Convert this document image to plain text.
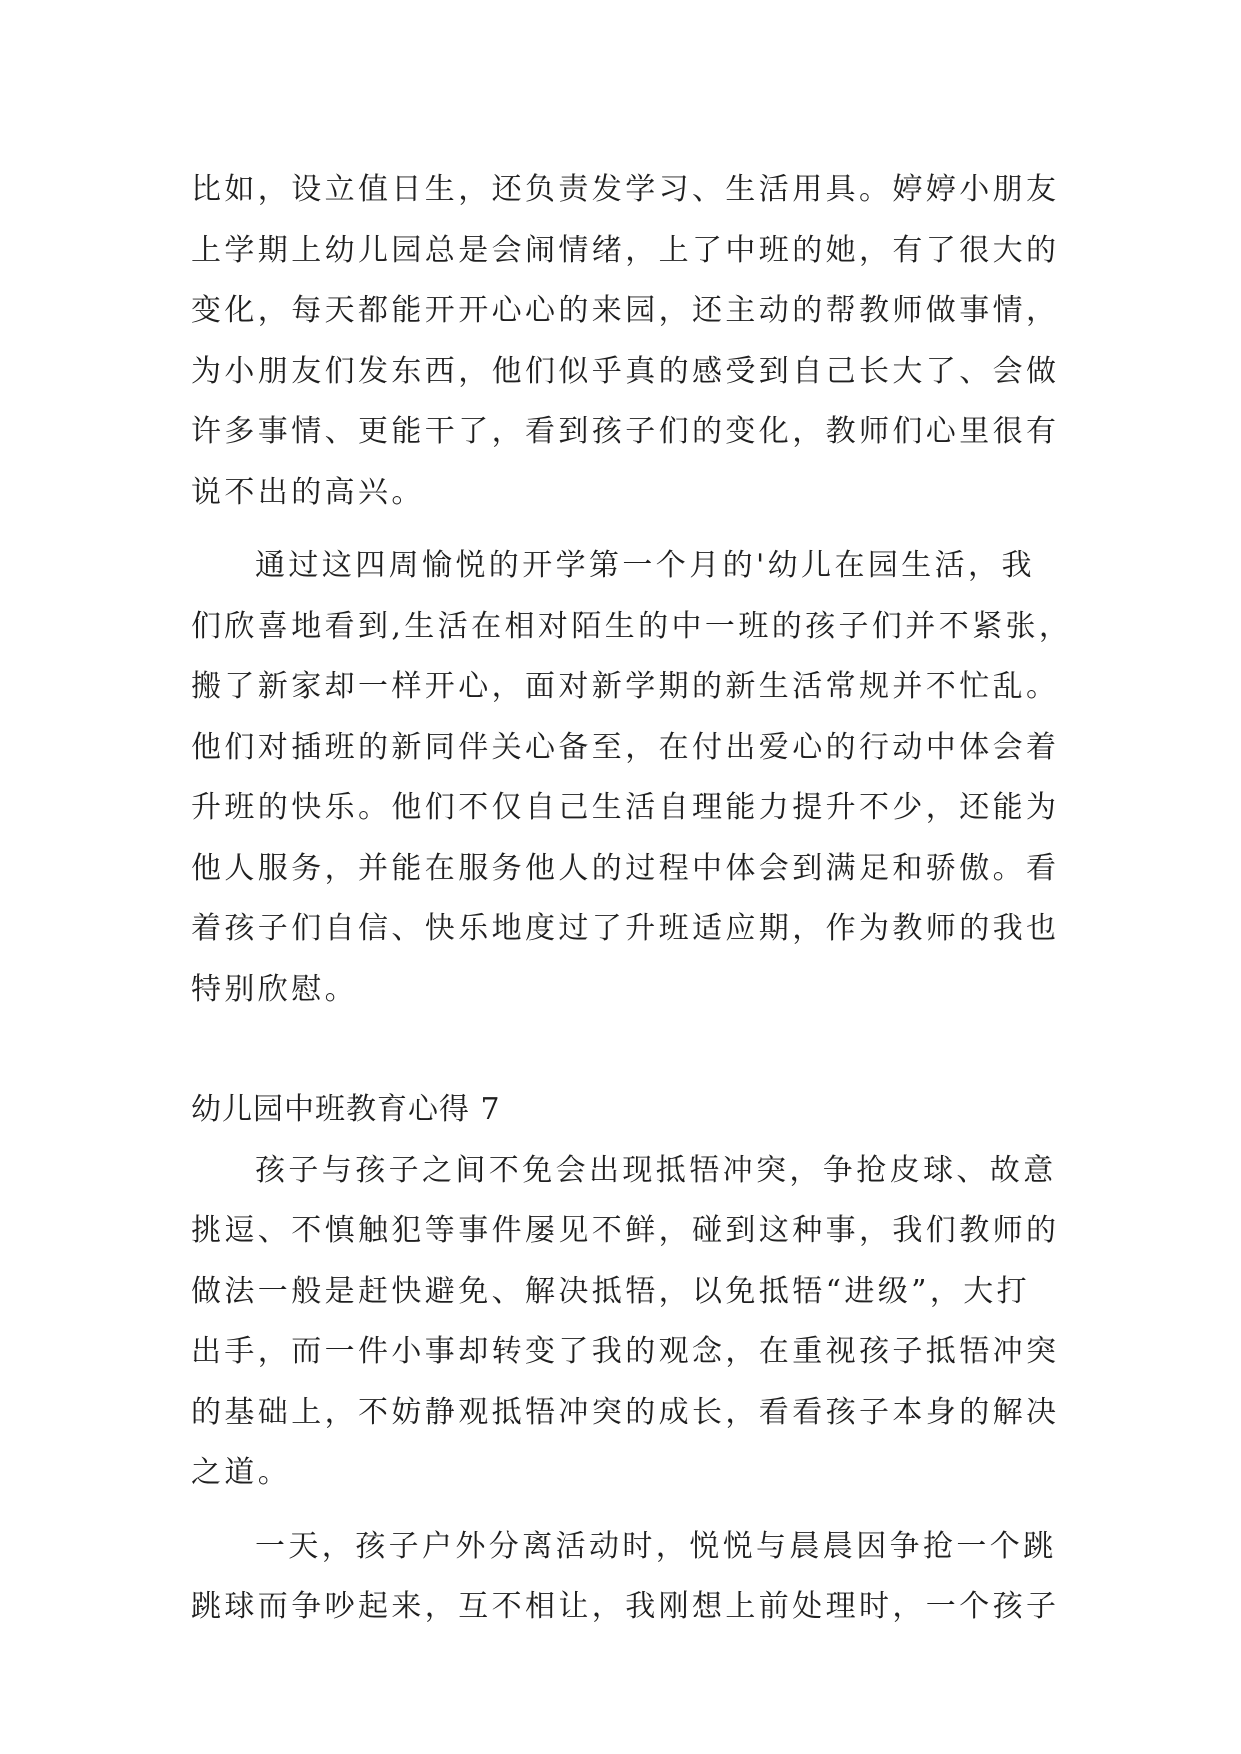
比如，设立值日生，还负责发学习、生活用具。婷婷小朋友

上学期上幼儿园总是会闹情绪，上了中班的她，有了很大的

变化，每天都能开开心心的来园，还主动的帮教师做事情，

为小朋友们发东西，他们似乎真的感受到自己长大了、会做

许多事情、更能干了，看到孩子们的变化，教师们心里很有

说不出的高兴。

通过这四周愉悦的开学第一个月的'幼儿在园生活，我

们欣喜地看到,生活在相对陌生的中一班的孩子们并不紧张，

搬了新家却一样开心，面对新学期的新生活常规并不忙乱。

他们对插班的新同伴关心备至，在付出爱心的行动中体会着

升班的快乐。他们不仅自己生活自理能力提升不少，还能为

他人服务，并能在服务他人的过程中体会到满足和骄傲。看

着孩子们自信、快乐地度过了升班适应期，作为教师的我也

特别欣慰。

幼儿园中班教育心得 7

孩子与孩子之间不免会出现抵牾冲突，争抢皮球、故意

挑逗、不慎触犯等事件屡见不鲜，碰到这种事，我们教师的

做法一般是赶快避免、解决抵牾，以免抵牾“进级”，大打

出手，而一件小事却转变了我的观念，在重视孩子抵牾冲突

的基础上，不妨静观抵牾冲突的成长，看看孩子本身的解决

之道。

一天，孩子户外分离活动时，悦悦与晨晨因争抢一个跳

跳球而争吵起来，互不相让，我刚想上前处理时，一个孩子
